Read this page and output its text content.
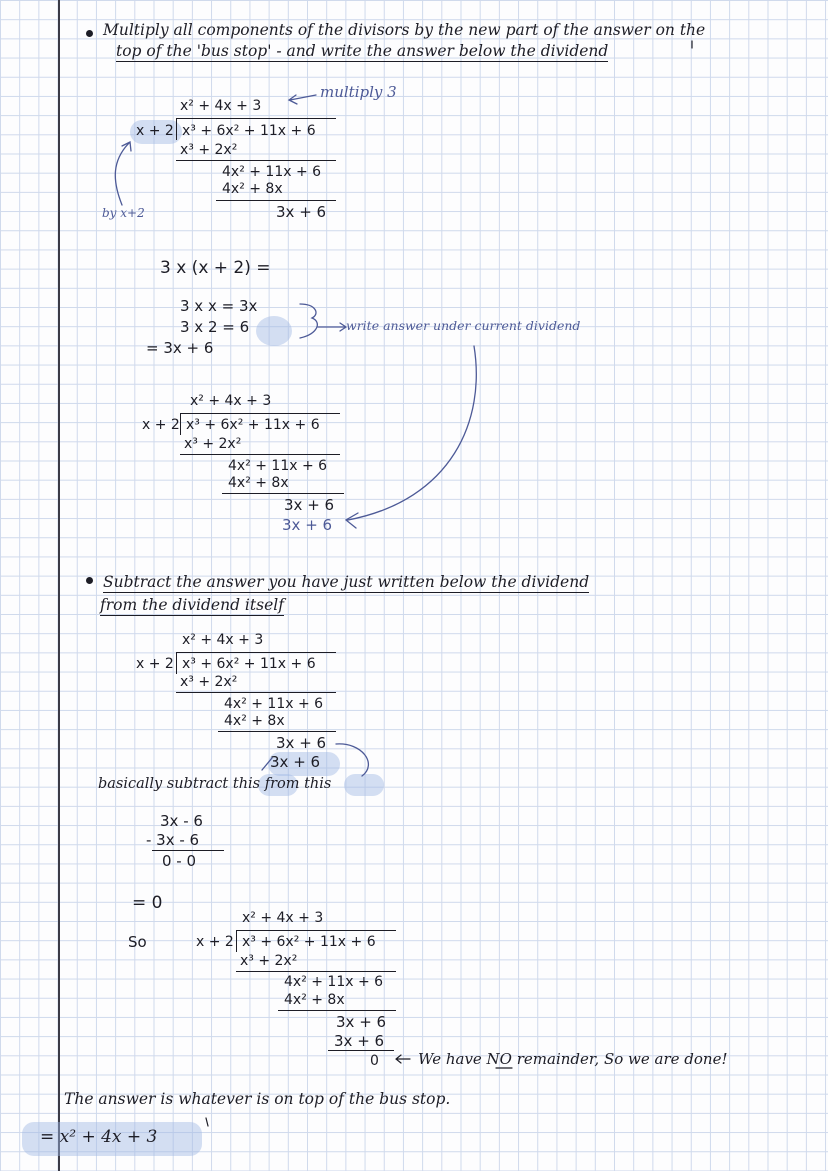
Multiply all components of the divisors by the new part of the answer on the
top of the 'bus stop' - and write the answer below the dividend
x² + 4x + 3
x + 2 x³ + 6x² + 11x + 6
x³ + 2x²
4x² + 11x + 6
4x² + 8x
3x + 6
multiply 3
by x+2
3 x (x + 2) =
3 x x = 3x
3 x 2 = 6
= 3x + 6
write answer under current dividend
x² + 4x + 3
x + 2 x³ + 6x² + 11x + 6
x³ + 2x²
4x² + 11x + 6
4x² + 8x
3x + 6
3x + 6
Subtract the answer you have just written below the dividend
from the dividend itself
x² + 4x + 3
x + 2 x³ + 6x² + 11x + 6
x³ + 2x²
4x² + 11x + 6
4x² + 8x
3x + 6
3x + 6
basically subtract this from this
3x - 6
- 3x - 6
0 - 0
= 0
So
x² + 4x + 3
x + 2 x³ + 6x² + 11x + 6
x³ + 2x²
4x² + 11x + 6
4x² + 8x
3x + 6
3x + 6
0	We have NO remainder, So we are done!
The answer is whatever is on top of the bus stop.
= x² + 4x + 3
